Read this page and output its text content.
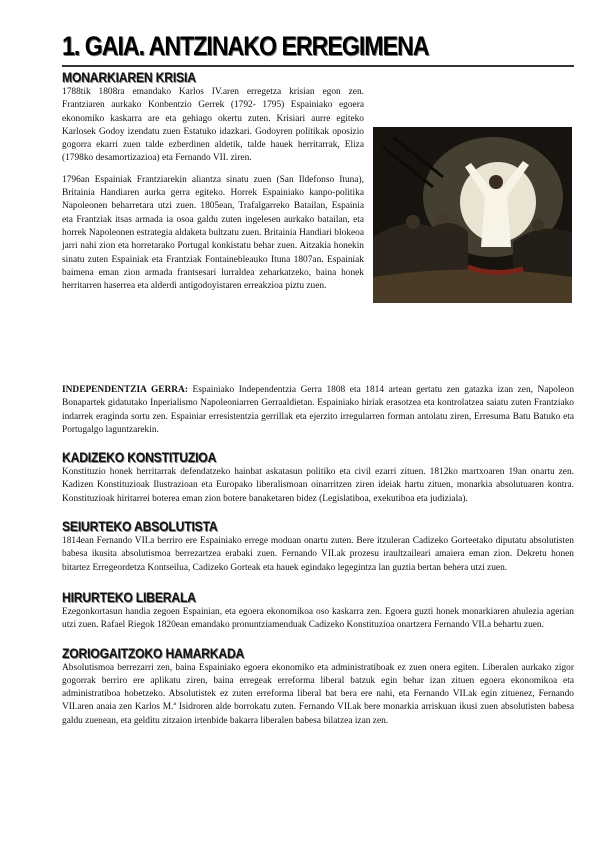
1. GAIA. ANTZINAKO ERREGIMENA
MONARKIAREN KRISIA

1788tik 1808ra emandako Karlos IV.aren erregetza krisian egon zen. Frantziaren aurkako Konbentzio Gerrek (1792- 1795) Espainiako egoera ekonomiko kaskarra are eta gehiago okertu zuten. Krisiari aurre egiteko Karlosek Godoy izendatu zuen Estatuko idazkari. Godoyren politikak oposizio gogorra ekarri zuen talde ezberdinen aldetik, talde hauek herritarrak, Eliza (1798ko desamortizazioa) eta Fernando VII. ziren.

1796an Espainiak Frantziarekin aliantza sinatu zuen (San Ildefonso Ituna), Britainia Handiaren aurka gerra egiteko. Horrek Espainiako kanpo-politika Napoleonen beharretara utzi zuen. 1805ean, Trafalgarreko Batailan, Espainia eta Frantziak itsas armada ia osoa galdu zuten ingelesen aurkako batailan, eta horrek Napoleonen estrategia aldaketa bultzatu zuen. Britainia Handiari blokeoa jarri nahi zion eta horretarako Portugal konkistatu behar zuen. Aitzakia honekin sinatu zuten Espainiak eta Frantziak Fontainebleauko Ituna 1807an. Espainiak baimena eman zion armada frantsesari lurraldea zeharkatzeko, baina honek herritarren haserrea eta alderdi antigodoyistaren erreakzioa piztu zuen.

INDEPENDENTZIA GERRA: Espainiako Independentzia Gerra 1808 eta 1814 artean gertatu zen gatazka izan zen, Napoleon Bonapartek gidatutako Inperialismo Napoleoniarren Gerraaldietan. Espainiako hiriak erasotzea eta kontrolatzea saiatu zuten Frantziako indarrek eraginda sortu zen. Espainiar erresistentzia gerrillak eta ejerzito irregularren forman antolatu ziren, Erresuma Batu Batuko eta Portugalgo laguntzarekin.

KADIZEKO KONSTITUZIOA

Konstituzio honek herritarrak defendatzeko hainbat askatasun politiko eta civil ezarri zituen. 1812ko martxoaren 19an onartu zen. Kadizen Konstituzioak Ilustrazioan eta Europako liberalismoan oinarritzen ziren ideiak hartu zituen, monarkia absolutuaren kontra. Konstituzioak hiritarrei boterea eman zion botere banaketaren bidez (Legislatiboa, exekutiboa eta judiziala).

SEIURTEKO ABSOLUTISTA

1814ean Fernando VII.a berriro ere Espainiako errege moduan onartu zuten. Bere itzuleran Cadizeko Gorteetako diputatu absolutisten babesa ikusita absolutismoa berrezartzea erabaki zuen. Fernando VII.ak prozesu iraultzaileari amaiera eman zion. Dekretu honen bitartez Erregeordetza Kontseilua, Cadizeko Gorteak eta hauek egindako legegintza lan guztia bertan behera utzi zuen.

HIRURTEKO LIBERALA

Ezegonkortasun handia zegoen Espainian, eta egoera ekonomikoa oso kaskarra zen. Egoera guzti honek monarkiaren ahulezia agerian utzi zuen. Rafael Riegok 1820ean emandako pronuntziamenduak Cadizeko Konstituzioa onartzera Fernando VII.a behartu zuen.

ZORIOGAITZOKO HAMARKADA

Absolutismoa berrezarri zen, baina Espainiako egoera ekonomiko eta administratiboak ez zuen onera egiten. Liberalen aurkako zigor gogorrak berriro ere aplikatu ziren, baina erregeak erreforma liberal batzuk egin behar izan zituen egoera ekonomikoa eta administratiboa hobetzeko. Absolutistek ez zuten erreforma liberal bat bera ere nahi, eta Fernando VII.ak egin zituenez, Fernando VII.aren anaia zen Karlos M.ª Isidroren alde borrokatu zuten. Fernando VII.ak bere monarkia arriskuan ikusi zuen absolutisten babesa galdu zuenean, eta gelditu zitzaion irtenbide bakarra liberalen babesa bilatzea izan zen.
